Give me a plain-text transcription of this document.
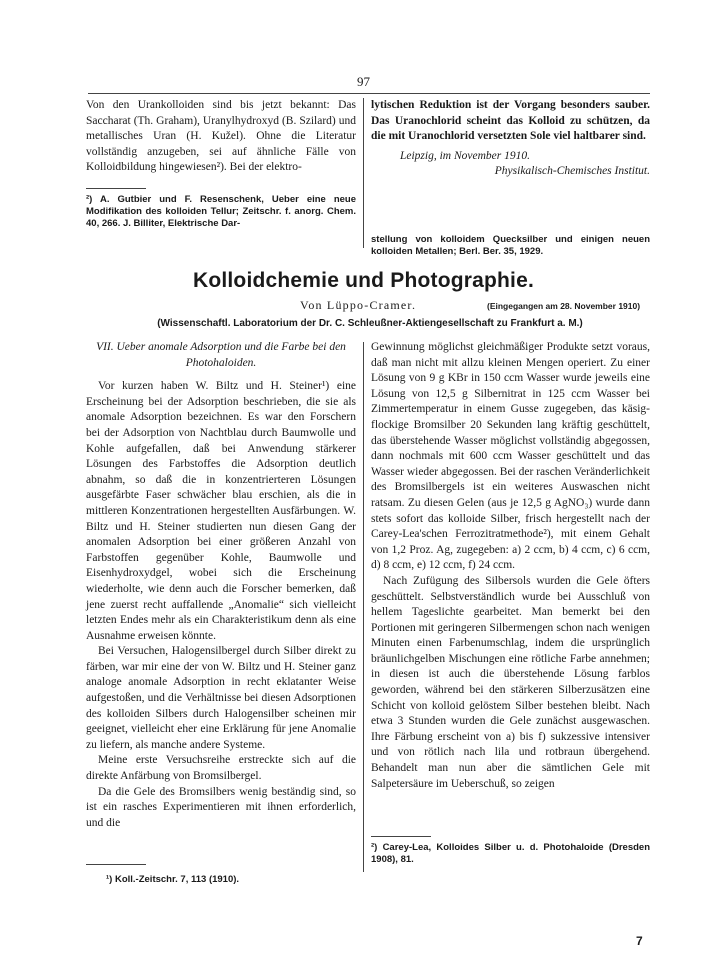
97

Von den Urankolloiden sind bis jetzt bekannt: Das Saccharat (Th. Graham), Uranylhydroxyd (B. Szilard) und metallisches Uran (H. Kužel). Ohne die Literatur vollständig anzugeben, sei auf ähnliche Fälle von Kolloidbildung hingewiesen²). Bei der elektro-

lytischen Reduktion ist der Vorgang besonders sauber. Das Uranochlorid scheint das Kolloid zu schützen, da die mit Uranochlorid versetzten Sole viel haltbarer sind.

Leipzig, im November 1910.
Physikalisch-Chemisches Institut.
²) A. Gutbier und F. Resenschenk, Ueber eine neue Modifikation des kolloiden Tellur; Zeitschr. f. anorg. Chem. 40, 266. J. Billiter, Elektrische Dar-
stellung von kolloidem Quecksilber und einigen neuen kolloiden Metallen; Berl. Ber. 35, 1929.
Kolloidchemie und Photographie.
Von Lüppo-Cramer.	(Eingegangen am 28. November 1910)
(Wissenschaftl. Laboratorium der Dr. C. Schleußner-Aktiengesellschaft zu Frankfurt a. M.)

VII. Ueber anomale Adsorption und die Farbe bei den Photohaloiden.

Vor kurzen haben W. Biltz und H. Steiner¹) eine Erscheinung bei der Adsorption beschrieben, die sie als anomale Adsorption bezeichnen. Es war den Forschern bei der Adsorption von Nachtblau durch Baumwolle und Kohle aufgefallen, daß bei Anwendung stärkerer Lösungen des Farbstoffes die Adsorption deutlich abnahm, so daß die in konzentrierteren Lösungen ausgefärbte Faser schwächer blau erschien, als die in mittleren Konzentrationen hergestellten Ausfärbungen. W. Biltz und H. Steiner studierten nun diesen Gang der anomalen Adsorption bei einer größeren Anzahl von Farbstoffen gegenüber Kohle, Baumwolle und Eisenhydroxydgel, wobei sich die Erscheinung wiederholte, wie denn auch die Forscher bemerken, daß jene zuerst recht auffallende „Anomalie“ sich vielleicht letzten Endes mehr als ein Charakteristikum denn als eine Ausnahme erweisen könnte.

Bei Versuchen, Halogensilbergel durch Silber direkt zu färben, war mir eine der von W. Biltz und H. Steiner ganz analoge anomale Adsorption in recht eklatanter Weise aufgestoßen, und die Verhältnisse bei diesen Adsorptionen des kolloiden Silbers durch Halogensilber scheinen mir geeignet, vielleicht eher eine Erklärung für jene Anomalie zu liefern, als manche andere Systeme.

Meine erste Versuchsreihe erstreckte sich auf die direkte Anfärbung von Bromsilbergel.

Da die Gele des Bromsilbers wenig beständig sind, so ist ein rasches Experimentieren mit ihnen erforderlich, und die

Gewinnung möglichst gleichmäßiger Produkte setzt voraus, daß man nicht mit allzu kleinen Mengen operiert. Zu einer Lösung von 9 g KBr in 150 ccm Wasser wurde jeweils eine Lösung von 12,5 g Silbernitrat in 125 ccm Wasser bei Zimmertemperatur in einem Gusse zugegeben, das käsig-flockige Bromsilber 20 Sekunden lang kräftig geschüttelt, das überstehende Wasser möglichst vollständig abgegossen, dann nochmals mit 600 ccm Wasser geschüttelt und das Wasser wieder abgegossen. Bei der raschen Veränderlichkeit des Bromsilbergels ist ein weiteres Auswaschen nicht ratsam. Zu diesen Gelen (aus je 12,5 g AgNO₃) wurde dann stets sofort das kolloide Silber, frisch hergestellt nach der Carey-Lea'schen Ferrozitratmethode²), mit einem Gehalt von 1,2 Proz. Ag, zugegeben: a) 2 ccm, b) 4 ccm, c) 6 ccm, d) 8 ccm, e) 12 ccm, f) 24 ccm.

Nach Zufügung des Silbersols wurden die Gele öfters geschüttelt. Selbstverständlich wurde bei Ausschluß von hellem Tageslichte gearbeitet. Man bemerkt bei den Portionen mit geringeren Silbermengen schon nach wenigen Minuten einen Farbenumschlag, indem die ursprünglich bräunlichgelben Mischungen eine rötliche Farbe annehmen; in diesen ist auch die überstehende Lösung farblos geworden, während bei den stärkeren Silberzusätzen eine Schicht von kolloid gelöstem Silber bestehen bleibt. Nach etwa 3 Stunden wurden die Gele zunächst ausgewaschen. Ihre Färbung erscheint von a) bis f) sukzessive intensiver und von rötlich nach lila und rotbraun übergehend. Behandelt man nun aber die sämtlichen Gele mit Salpetersäure im Ueberschuß, so zeigen

¹) Koll.-Zeitschr. 7, 113 (1910).
²) Carey-Lea, Kolloides Silber u. d. Photohaloide (Dresden 1908), 81.
7
